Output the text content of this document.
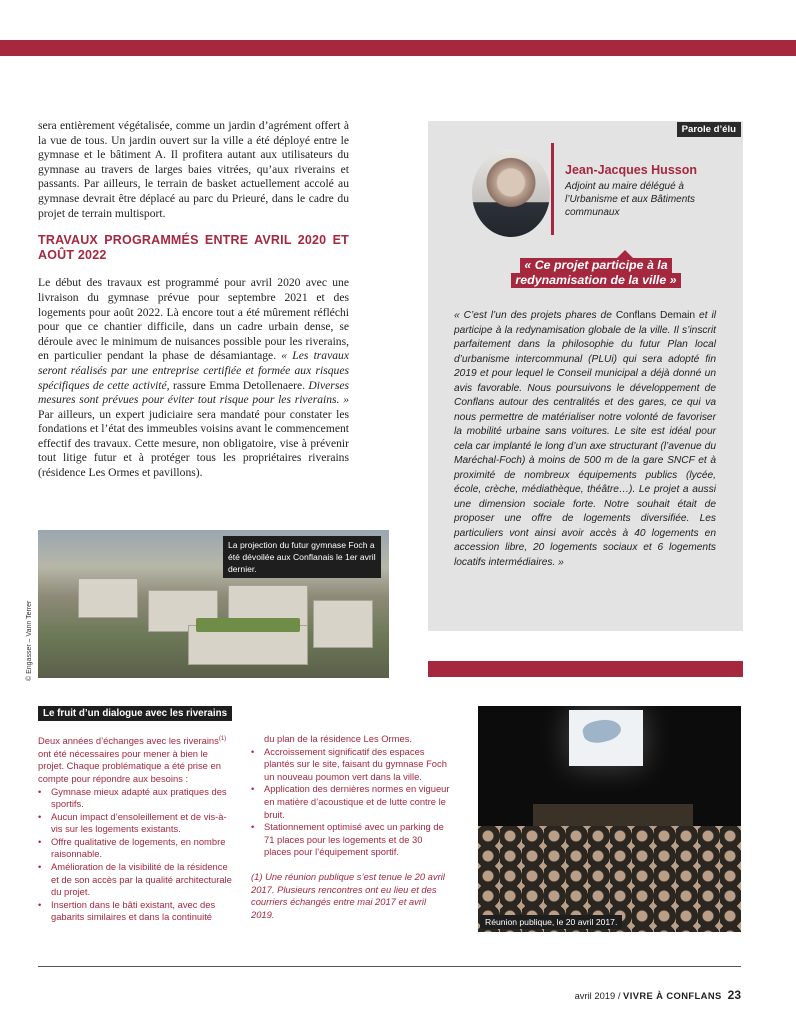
sera entièrement végétalisée, comme un jardin d’agrément offert à la vue de tous. Un jardin ouvert sur la ville a été déployé entre le gymnase et le bâtiment A. Il profitera autant aux utilisateurs du gymnase au travers de larges baies vitrées, qu’aux riverains et passants. Par ailleurs, le terrain de basket actuellement accolé au gymnase devrait être déplacé au parc du Prieuré, dans le cadre du projet de terrain multisport.

TRAVAUX PROGRAMMÉS ENTRE AVRIL 2020 ET AOÛT 2022

Le début des travaux est programmé pour avril 2020 avec une livraison du gymnase prévue pour septembre 2021 et des logements pour août 2022. Là encore tout a été mûrement réfléchi pour que ce chantier difficile, dans un cadre urbain dense, se déroule avec le minimum de nuisances possible pour les riverains, en particulier pendant la phase de désamiantage. « Les travaux seront réalisés par une entreprise certifiée et formée aux risques spécifiques de cette activité, rassure Emma Detollenaere. Diverses mesures sont prévues pour éviter tout risque pour les riverains. » Par ailleurs, un expert judiciaire sera mandaté pour constater les fondations et l’état des immeubles voisins avant le commencement effectif des travaux. Cette mesure, non obligatoire, vise à prévenir tout litige futur et à protéger tous les propriétaires riverains (résidence Les Ormes et pavillons).

La projection du futur gymnase Foch a été dévoilée aux Conflanais le 1er avril dernier.
© Engasser – Vann Terrer
Parole d’élu
Jean-Jacques Husson
Adjoint au maire délégué à l’Urbanisme et aux Bâtiments communaux
« Ce projet participe à la
redynamisation de la ville »
« C’est l’un des projets phares de Conflans Demain et il participe à la redynamisation globale de la ville. Il s’inscrit parfaitement dans la philosophie du futur Plan local d’urbanisme intercommunal (PLUi) qui sera adopté fin 2019 et pour lequel le Conseil municipal a déjà donné un avis favorable. Nous poursuivons le développement de Conflans autour des centralités et des gares, ce qui va nous permettre de matérialiser notre volonté de favoriser la mobilité urbaine sans voitures. Le site est idéal pour cela car implanté le long d’un axe structurant (l’avenue du Maréchal-Foch) à moins de 500 m de la gare SNCF et à proximité de nombreux équipements publics (lycée, école, crèche, médiathèque, théâtre…). Le projet a aussi une dimension sociale forte. Notre souhait était de proposer une offre de logements diversifiée. Les particuliers vont ainsi avoir accès à 40 logements en accession libre, 20 logements sociaux et 6 logements locatifs intermédiaires. »
Le fruit d’un dialogue avec les riverains

Deux années d’échanges avec les riverains$^{(1)}$ ont été nécessaires pour mener à bien le projet. Chaque problématique a été prise en compte pour répondre aux besoins :

• Gymnase mieux adapté aux pratiques des sportifs.
• Aucun impact d’ensoleillement et de vis-à-vis sur les logements existants.
• Offre qualitative de logements, en nombre raisonnable.
• Amélioration de la visibilité de la résidence et de son accès par la qualité architecturale du projet.
• Insertion dans le bâti existant, avec des gabarits similaires et dans la continuité

du plan de la résidence Les Ormes.

• Accroissement significatif des espaces plantés sur le site, faisant du gymnase Foch un nouveau poumon vert dans la ville.
• Application des dernières normes en vigueur en matière d’acoustique et de lutte contre le bruit.
• Stationnement optimisé avec un parking de 71 places pour les logements et de 30 places pour l’équipement sportif.

(1) Une réunion publique s’est tenue le 20 avril 2017. Plusieurs rencontres ont eu lieu et des courriers échangés entre mai 2017 et avril 2019.

Réunion publique, le 20 avril 2017.
avril 2019 / VIVRE À CONFLANS 23
